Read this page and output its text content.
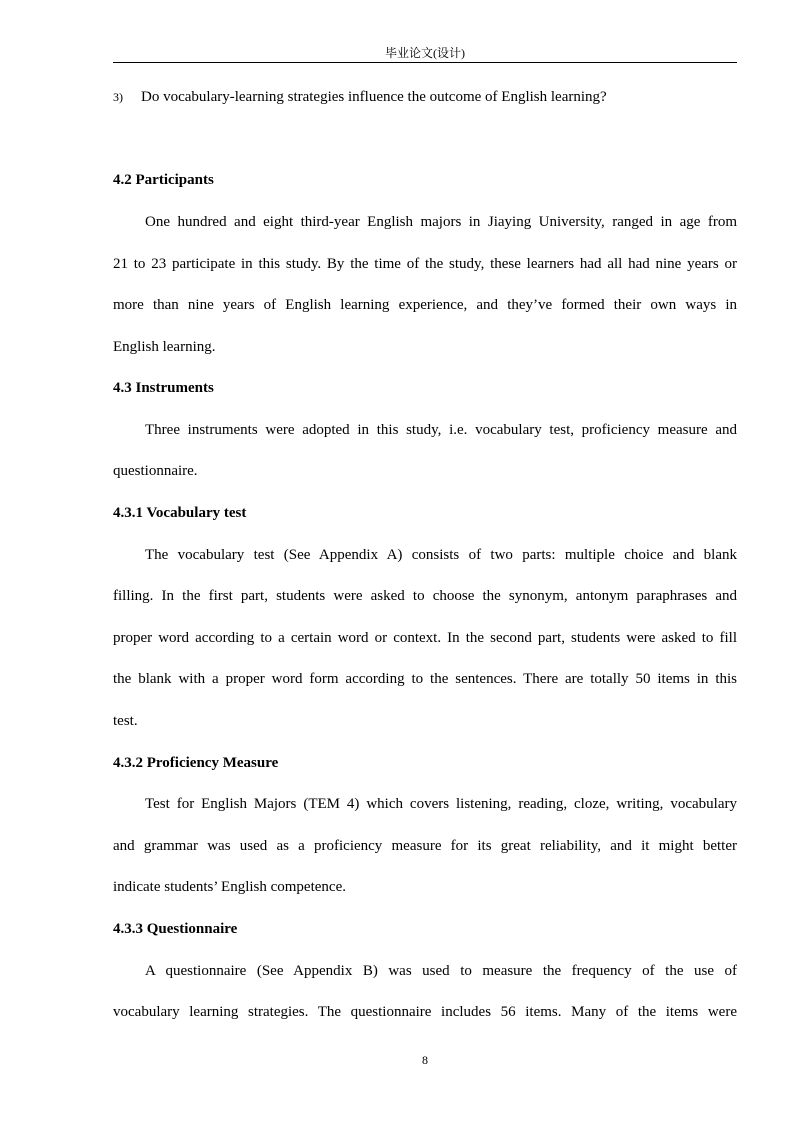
毕业论文(设计)
3) Do vocabulary-learning strategies influence the outcome of English learning?
4.2 Participants
One hundred and eight third-year English majors in Jiaying University, ranged in age from
21 to 23 participate in this study. By the time of the study, these learners had all had nine years or
more than nine years of English learning experience, and they’ve formed their own ways in
English learning.
4.3 Instruments
Three instruments were adopted in this study, i.e. vocabulary test, proficiency measure and
questionnaire.
4.3.1 Vocabulary test
The vocabulary test (See Appendix A) consists of two parts: multiple choice and blank
filling. In the first part, students were asked to choose the synonym, antonym paraphrases and
proper word according to a certain word or context. In the second part, students were asked to fill
the blank with a proper word form according to the sentences. There are totally 50 items in this
test.
4.3.2 Proficiency Measure
Test for English Majors (TEM 4) which covers listening, reading, cloze, writing, vocabulary
and grammar was used as a proficiency measure for its great reliability, and it might better
indicate students’ English competence.
4.3.3 Questionnaire
A questionnaire (See Appendix B) was used to measure the frequency of the use of
vocabulary learning strategies. The questionnaire includes 56 items. Many of the items were
8
